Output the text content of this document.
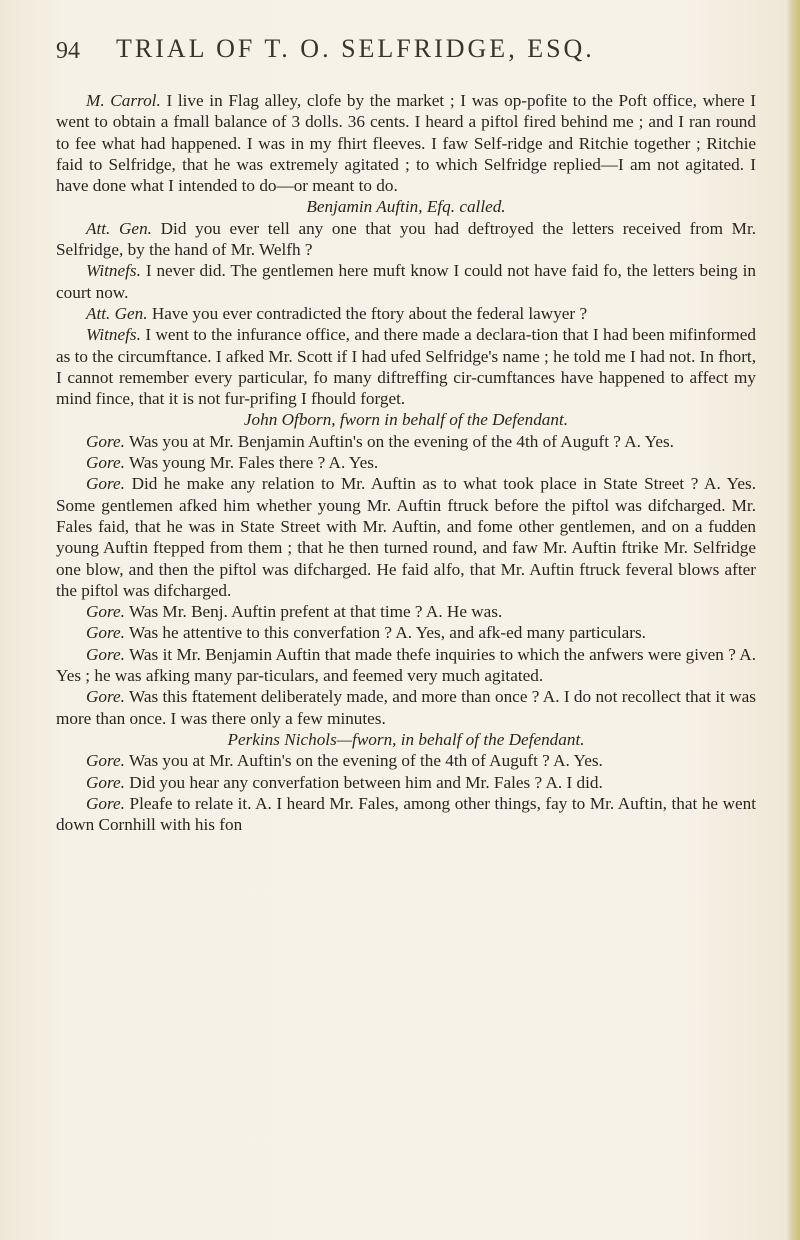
94 TRIAL OF T. O. SELFRIDGE, ESQ.

M. Carrol. I live in Flag alley, clofe by the market ; I was op-pofite to the Poft office, where I went to obtain a fmall balance of 3 dolls. 36 cents. I heard a piftol fired behind me ; and I ran round to fee what had happened. I was in my fhirt fleeves. I faw Self-ridge and Ritchie together ; Ritchie faid to Selfridge, that he was extremely agitated ; to which Selfridge replied—I am not agitated. I have done what I intended to do—or meant to do.

Benjamin Auftin, Efq. called.

Att. Gen. Did you ever tell any one that you had deftroyed the letters received from Mr. Selfridge, by the hand of Mr. Welfh ?

Witnefs. I never did. The gentlemen here muft know I could not have faid fo, the letters being in court now.

Att. Gen. Have you ever contradicted the ftory about the federal lawyer ?

Witnefs. I went to the infurance office, and there made a declara-tion that I had been mifinformed as to the circumftance. I afked Mr. Scott if I had ufed Selfridge's name ; he told me I had not. In fhort, I cannot remember every particular, fo many diftreffing cir-cumftances have happened to affect my mind fince, that it is not fur-prifing I fhould forget.

John Ofborn, fworn in behalf of the Defendant.

Gore. Was you at Mr. Benjamin Auftin's on the evening of the 4th of Auguft ? A. Yes.

Gore. Was young Mr. Fales there ? A. Yes.

Gore. Did he make any relation to Mr. Auftin as to what took place in State Street ? A. Yes. Some gentlemen afked him whether young Mr. Auftin ftruck before the piftol was difcharged. Mr. Fales faid, that he was in State Street with Mr. Auftin, and fome other gentlemen, and on a fudden young Auftin ftepped from them ; that he then turned round, and faw Mr. Auftin ftrike Mr. Selfridge one blow, and then the piftol was difcharged. He faid alfo, that Mr. Auftin ftruck feveral blows after the piftol was difcharged.

Gore. Was Mr. Benj. Auftin prefent at that time ? A. He was.

Gore. Was he attentive to this converfation ? A. Yes, and afk-ed many particulars.

Gore. Was it Mr. Benjamin Auftin that made thefe inquiries to which the anfwers were given ? A. Yes ; he was afking many par-ticulars, and feemed very much agitated.

Gore. Was this ftatement deliberately made, and more than once ? A. I do not recollect that it was more than once. I was there only a few minutes.

Perkins Nichols—fworn, in behalf of the Defendant.

Gore. Was you at Mr. Auftin's on the evening of the 4th of Auguft ? A. Yes.

Gore. Did you hear any converfation between him and Mr. Fales ? A. I did.

Gore. Pleafe to relate it. A. I heard Mr. Fales, among other things, fay to Mr. Auftin, that he went down Cornhill with his fon
